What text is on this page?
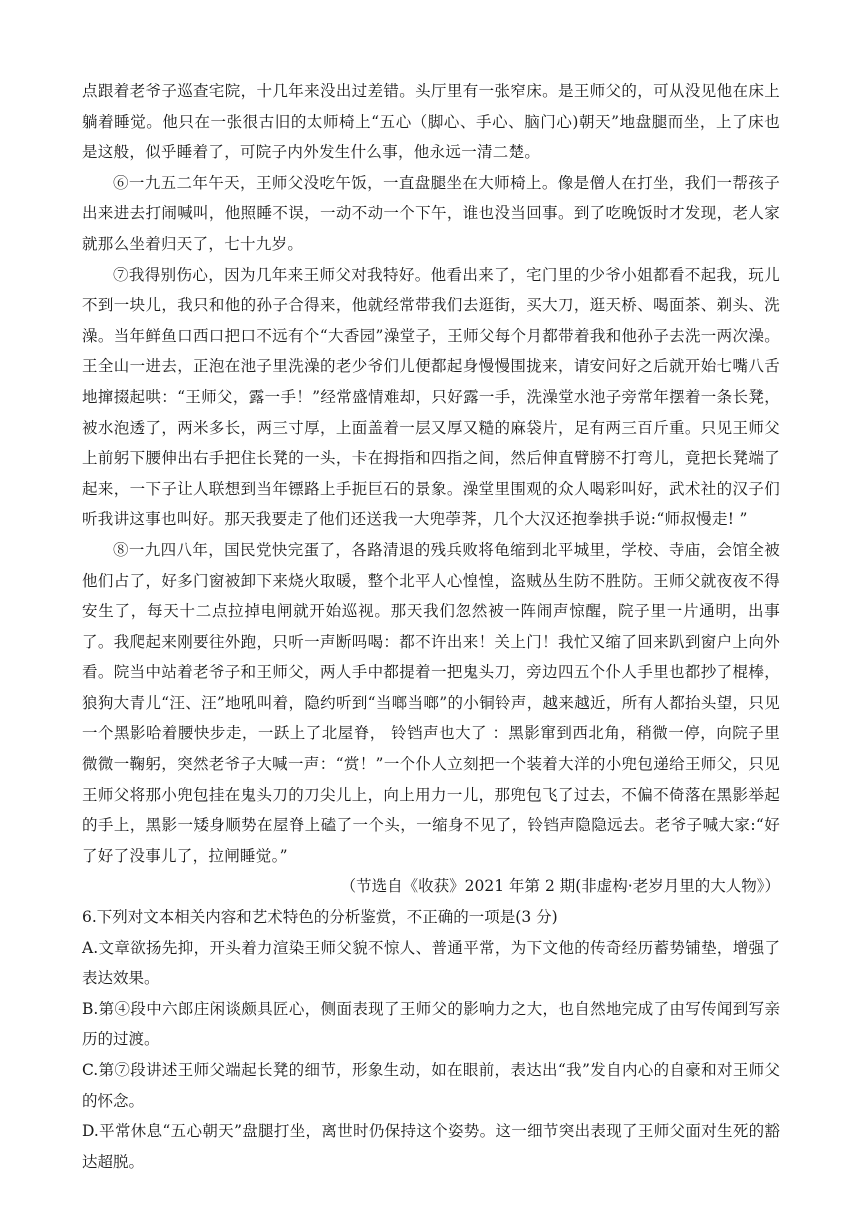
点跟着老爷子巡查宅院，十几年来没出过差错。头厅里有一张窄床。是王师父的，可从没见他在床上躺着睡觉。他只在一张很古旧的太师椅上“五心（脚心、手心、脑门心)朝天”地盘腿而坐，上了床也是这般，似乎睡着了，可院子内外发生什么事，他永远一清二楚。

⑥一九五二年午天，王师父没吃午饭，一直盘腿坐在大师椅上。像是僧人在打坐，我们一帮孩子出来进去打闹喊叫，他照睡不误，一动不动一个下午，谁也没当回事。到了吃晚饭时才发现，老人家就那么坐着归天了，七十九岁。

⑦我得别伤心，因为几年来王师父对我特好。他看出来了，宅门里的少爷小姐都看不起我，玩儿不到一块儿，我只和他的孙子合得来，他就经常带我们去逛街，买大刀，逛天桥、喝面茶、剃头、洗澡。当年鲜鱼口西口把口不远有个“大香园”澡堂子，王师父每个月都带着我和他孙子去洗一两次澡。王全山一进去，正泡在池子里洗澡的老少爷们儿便都起身慢慢围拢来，请安问好之后就开始七嘴八舌地撺掇起哄：“王师父，露一手！”经常盛情难却，只好露一手，洗澡堂水池子旁常年摆着一条长凳，被水泡透了，两米多长，两三寸厚，上面盖着一层又厚又糙的麻袋片，足有两三百斤重。只见王师父上前躬下腰伸出右手把住长凳的一头，卡在拇指和四指之间，然后伸直臂膀不打弯儿，竟把长凳端了起来，一下子让人联想到当年镖路上手扼巨石的景象。澡堂里围观的众人喝彩叫好，武术社的汉子们听我讲这事也叫好。那天我要走了他们还送我一大兜荸荠，几个大汉还抱拳拱手说:“师叔慢走! ”

⑧一九四八年，国民党快完蛋了，各路清退的残兵败将龟缩到北平城里，学校、寺庙，会馆全被他们占了，好多门窗被卸下来烧火取暖，整个北平人心惶惶，盗贼丛生防不胜防。王师父就夜夜不得安生了，每天十二点拉掉电闸就开始巡视。那天我们忽然被一阵闹声惊醒，院子里一片通明，出事了。我爬起来刚要往外跑，只听一声断吗喝：都不许出来！关上门！我忙又缩了回来趴到窗户上向外看。院当中站着老爷子和王师父，两人手中都提着一把鬼头刀，旁边四五个仆人手里也都抄了棍棒，狼狗大青儿“汪、汪”地吼叫着，隐约听到“当啷当啷”的小铜铃声，越来越近，所有人都抬头望，只见一个黑影哈着腰快步走，一跃上了北屋脊， 铃铛声也大了 ：黑影窜到西北角，稍微一停，向院子里微微一鞠躬，突然老爷子大喊一声：“赏！”一个仆人立刻把一个装着大洋的小兜包递给王师父，只见王师父将那小兜包挂在鬼头刀的刀尖儿上，向上用力一儿，那兜包飞了过去，不偏不倚落在黑影举起的手上，黑影一矮身顺势在屋脊上磕了一个头，一缩身不见了，铃铛声隐隐远去。老爷子喊大家:“好了好了没事儿了，拉闸睡觉。”

（节选自《收获》2021 年第 2 期(非虚构·老岁月里的大人物》）

6.下列对文本相关内容和艺术特色的分析鉴赏，不正确的一项是(3 分)

A.文章欲扬先抑，开头着力渲染王师父貌不惊人、普通平常，为下文他的传奇经历蓄势铺垫，增强了表达效果。

B.第④段中六郎庄闲谈颇具匠心，侧面表现了王师父的影响力之大，也自然地完成了由写传闻到写亲历的过渡。

C.第⑦段讲述王师父端起长凳的细节，形象生动，如在眼前，表达出“我”发自内心的自豪和对王师父的怀念。

D.平常休息“五心朝天”盘腿打坐，离世时仍保持这个姿势。这一细节突出表现了王师父面对生死的豁达超脱。
